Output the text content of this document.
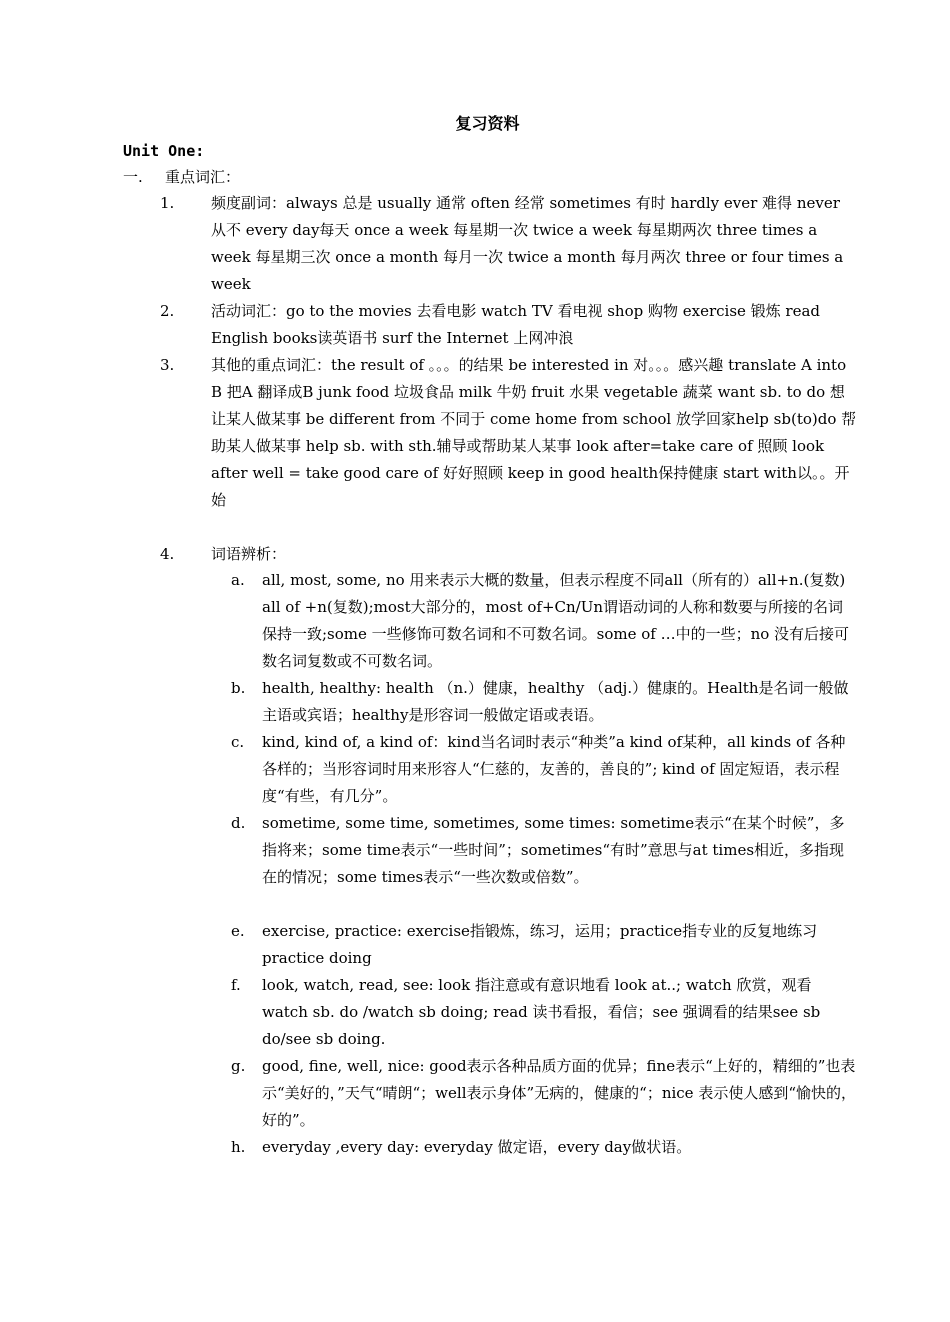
复习资料
Unit One:
一. 重点词汇：
1. 频度副词：always 总是 usually 通常 often 经常 sometimes 有时 hardly ever 难得 never 从不 every day每天 once a week 每星期一次 twice a week 每星期两次 three times a week 每星期三次 once a month 每月一次 twice a month 每月两次 three or four times a week
2. 活动词汇：go to the movies 去看电影 watch TV 看电视 shop 购物 exercise 锻炼 read English books读英语书 surf the Internet 上网冲浪
3. 其他的重点词汇：the result of 。。。的结果 be interested in 对。。。感兴趣 translate A into B 把A 翻译成B junk food 垃圾食品 milk 牛奶 fruit 水果 vegetable 蔬菜 want sb. to do 想让某人做某事 be different from 不同于 come home from school 放学回家help sb(to)do 帮助某人做某事 help sb. with sth.辅导或帮助某人某事 look after=take care of 照顾 look after well = take good care of 好好照顾 keep in good health保持健康 start with以。。开始
4. 词语辨析：
a. all, most, some, no 用来表示大概的数量，但表示程度不同all（所有的）all+n.(复数) all of +n(复数);most大部分的，most of+Cn/Un谓语动词的人称和数要与所接的名词保持一致;some 一些修饰可数名词和不可数名词。some of …中的一些；no 没有后接可数名词复数或不可数名词。
b. health, healthy: health （n.）健康，healthy （adj.）健康的。Health是名词一般做主语或宾语；healthy是形容词一般做定语或表语。
c. kind, kind of, a kind of：kind当名词时表示“种类”a kind of某种，all kinds of 各种各样的；当形容词时用来形容人“仁慈的，友善的，善良的”; kind of 固定短语，表示程度“有些，有几分”。
d. sometime, some time, sometimes, some times: sometime表示“在某个时候”，多指将来；some time表示“一些时间”；sometimes“有时”意思与at times相近，多指现在的情况；some times表示“一些次数或倍数”。
e. exercise, practice: exercise指锻炼，练习，运用；practice指专业的反复地练习practice doing
f. look, watch, read, see: look 指注意或有意识地看 look at..; watch 欣赏，观看watch sb. do /watch sb doing; read 读书看报，看信；see 强调看的结果see sb do/see sb doing.
g. good, fine, well, nice: good表示各种品质方面的优异；fine表示“上好的，精细的”也表示“美好的，”天气“晴朗“；well表示身体”无病的，健康的“；nice 表示使人感到“愉快的，好的”。
h. everyday ,every day: everyday 做定语，every day做状语。
